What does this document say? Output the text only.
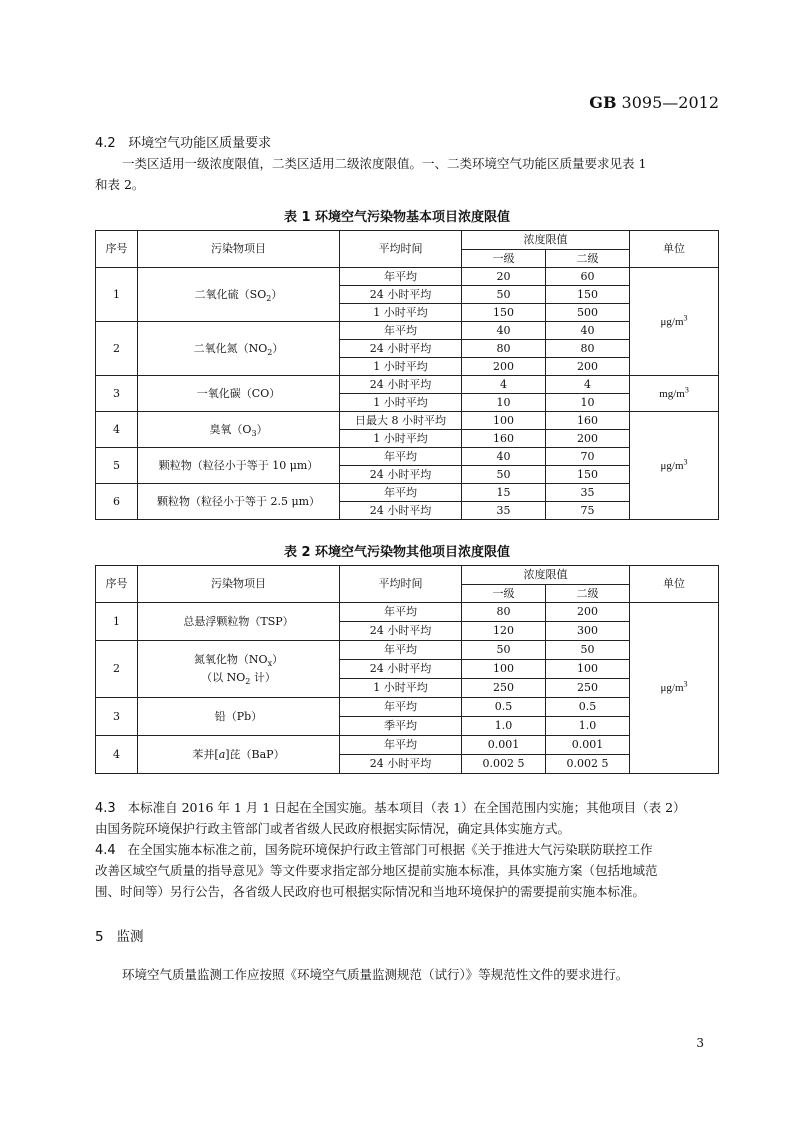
GB 3095—2012
4.2 环境空气功能区质量要求
一类区适用一级浓度限值，二类区适用二级浓度限值。一、二类环境空气功能区质量要求见表 1
和表 2。
表 1 环境空气污染物基本项目浓度限值
序号	污染物项目	平均时间	浓度限值		单位
			一级	二级	
1	二氧化硫$(SO_2)$	年平均	20	60	$\mu g/m^3$
		24 小时平均	50	150	
		1 小时平均	150	500	
2	二氧化氮$(NO_2)$	年平均	40	40	
		24 小时平均	80	80	
		1 小时平均	200	200	
3	一氧化碳（CO）	24 小时平均	4	4	$mg/m^3$
		1 小时平均	10	10	
4	臭氧$(O_3)$	日最大 8 小时平均	100	160	$\mu g/m^3$
		1 小时平均	160	200	
5	颗粒物（粒径小于等于 10 μm）	年平均	40	70	
		24 小时平均	50	150	
6	颗粒物（粒径小于等于 2.5 μm）	年平均	15	35	
		24 小时平均	35	75	
表 2 环境空气污染物其他项目浓度限值
序号	污染物项目	平均时间	浓度限值		单位
			一级	二级	
1	总悬浮颗粒物（TSP）	年平均	80	200	$\mu g/m^3$
		24 小时平均	120	300	
2	氮氧化物$(NO_x)$
（以 $NO_2$ 计）	年平均	50	50	
		24 小时平均	100	100	
		1 小时平均	250	250	
3	铅（Pb）	年平均	0.5	0.5	
		季平均	1.0	1.0	
4	苯并[a]芘（BaP）	年平均	0.001	0.001	
		24 小时平均	0.002 5	0.002 5	
4.3 本标准自 2016 年 1 月 1 日起在全国实施。基本项目（表 1）在全国范围内实施；其他项目（表 2）
由国务院环境保护行政主管部门或者省级人民政府根据实际情况，确定具体实施方式。
4.4 在全国实施本标准之前，国务院环境保护行政主管部门可根据《关于推进大气污染联防联控工作
改善区域空气质量的指导意见》等文件要求指定部分地区提前实施本标准，具体实施方案（包括地域范
围、时间等）另行公告，各省级人民政府也可根据实际情况和当地环境保护的需要提前实施本标准。
5 监测
环境空气质量监测工作应按照《环境空气质量监测规范（试行）》等规范性文件的要求进行。
3
